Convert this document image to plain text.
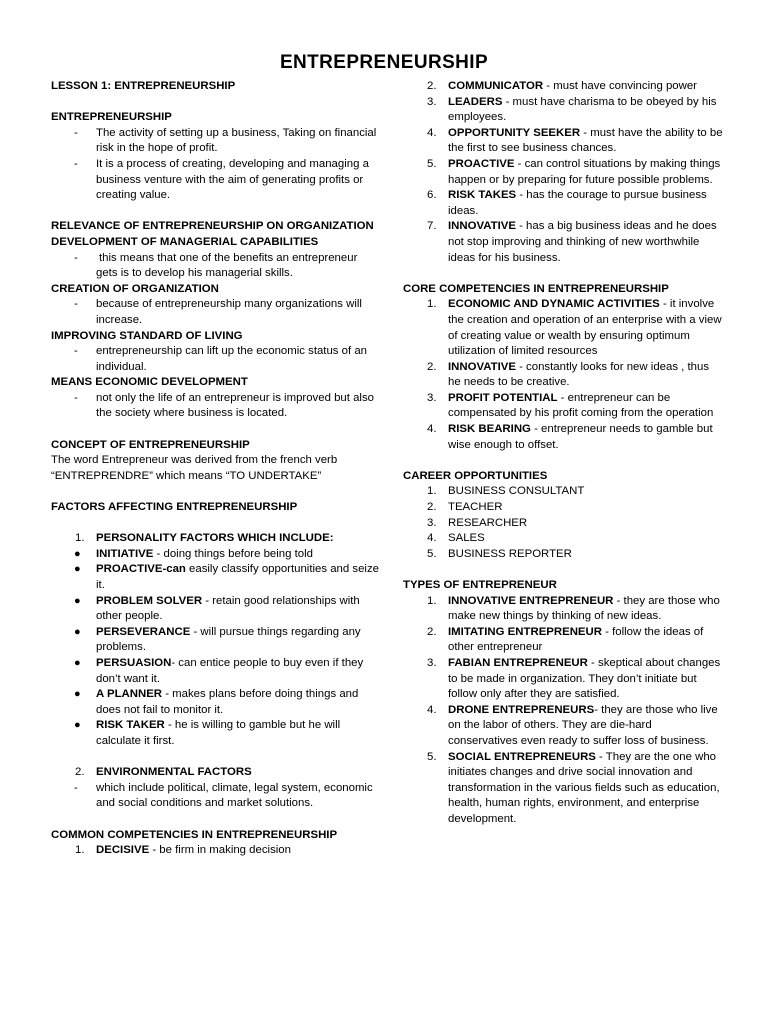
ENTREPRENEURSHIP
LESSON 1: ENTREPRENEURSHIP
ENTREPRENEURSHIP
- The activity of setting up a business, Taking on financial risk in the hope of profit.
- It is a process of creating, developing and managing a business venture with the aim of generating profits or creating value.
RELEVANCE OF ENTREPRENEURSHIP ON ORGANIZATION
DEVELOPMENT OF MANAGERIAL CAPABILITIES
- this means that one of the benefits an entrepreneur gets is to develop his managerial skills.
CREATION OF ORGANIZATION
- because of entrepreneurship many organizations will increase.
IMPROVING STANDARD OF LIVING
- entrepreneurship can lift up the economic status of an individual.
MEANS ECONOMIC DEVELOPMENT
- not only the life of an entrepreneur is improved but also the society where business is located.
CONCEPT OF ENTREPRENEURSHIP
The word Entrepreneur was derived from the french verb “ENTREPRENDRE” which means “TO UNDERTAKE”
FACTORS AFFECTING ENTREPRENEURSHIP
1. PERSONALITY FACTORS WHICH INCLUDE:
● INITIATIVE - doing things before being told
● PROACTIVE-can easily classify opportunities and seize it.
● PROBLEM SOLVER - retain good relationships with other people.
● PERSEVERANCE - will pursue things regarding any problems.
● PERSUASION- can entice people to buy even if they don’t want it.
● A PLANNER - makes plans before doing things and does not fail to monitor it.
● RISK TAKER - he is willing to gamble but he will calculate it first.
2. ENVIRONMENTAL FACTORS
- which include political, climate, legal system, economic and social conditions and market solutions.
COMMON COMPETENCIES IN ENTREPRENEURSHIP
1. DECISIVE - be firm in making decision
2. COMMUNICATOR - must have convincing power
3. LEADERS - must have charisma to be obeyed by his employees.
4. OPPORTUNITY SEEKER - must have the ability to be the first to see business chances.
5. PROACTIVE - can control situations by making things happen or by preparing for future possible problems.
6. RISK TAKES - has the courage to pursue business ideas.
7. INNOVATIVE - has a big business ideas and he does not stop improving and thinking of new worthwhile ideas for his business.
CORE COMPETENCIES IN ENTREPRENEURSHIP
1. ECONOMIC AND DYNAMIC ACTIVITIES - it involve the creation and operation of an enterprise with a view of creating value or wealth by ensuring optimum utilization of limited resources
2. INNOVATIVE - constantly looks for new ideas , thus he needs to be creative.
3. PROFIT POTENTIAL - entrepreneur can be compensated by his profit coming from the operation
4. RISK BEARING - entrepreneur needs to gamble but wise enough to offset.
CAREER OPPORTUNITIES
1. BUSINESS CONSULTANT
2. TEACHER
3. RESEARCHER
4. SALES
5. BUSINESS REPORTER
TYPES OF ENTREPRENEUR
1. INNOVATIVE ENTREPRENEUR - they are those who make new things by thinking of new ideas.
2. IMITATING ENTREPRENEUR - follow the ideas of other entrepreneur
3. FABIAN ENTREPRENEUR - skeptical about changes to be made in organization. They don’t initiate but follow only after they are satisfied.
4. DRONE ENTREPRENEURS- they are those who live on the labor of others. They are die-hard conservatives even ready to suffer loss of business.
5. SOCIAL ENTREPRENEURS - They are the one who initiates changes and drive social innovation and transformation in the various fields such as education, health, human rights, environment, and enterprise development.
